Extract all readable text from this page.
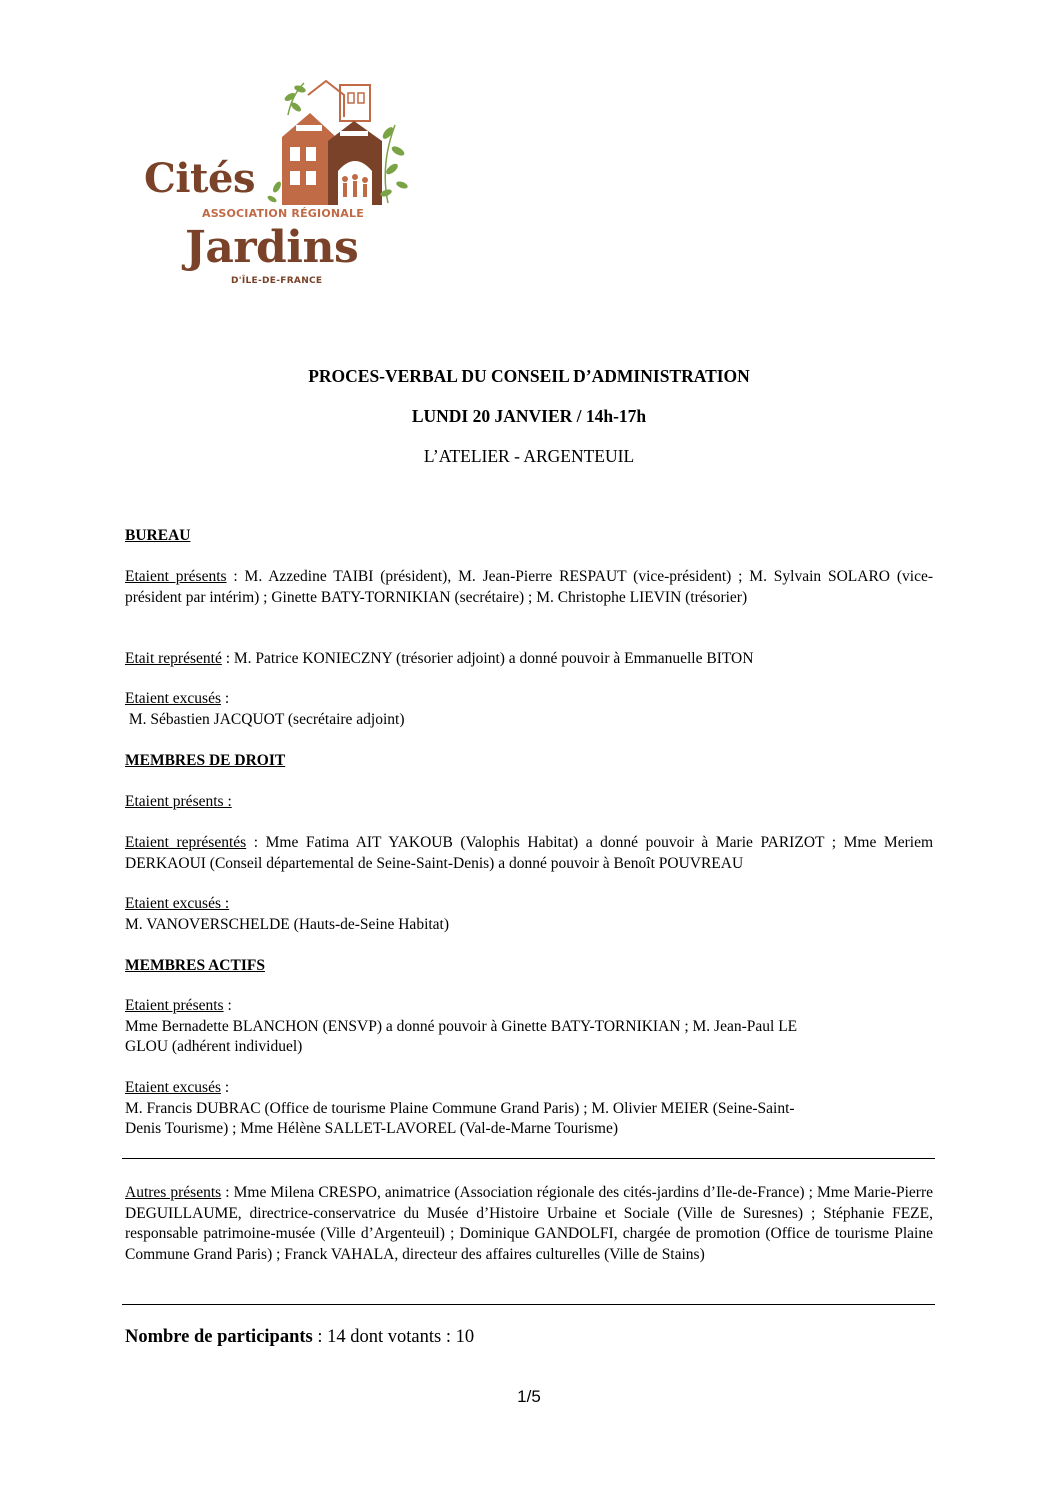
Cités
ASSOCIATION RÉGIONALE
Jardins
D'ÎLE-DE-FRANCE
PROCES-VERBAL DU CONSEIL D’ADMINISTRATION
LUNDI 20 JANVIER / 14h-17h
L’ATELIER - ARGENTEUIL
BUREAU

Etaient présents : M. Azzedine TAIBI (président), M. Jean-Pierre RESPAUT (vice-président) ; M. Sylvain SOLARO (vice-président par intérim) ; Ginette BATY-TORNIKIAN (secrétaire) ; M. Christophe LIEVIN (trésorier)

Etait représenté : M. Patrice KONIECZNY (trésorier adjoint) a donné pouvoir à Emmanuelle BITON

Etaient excusés :

M. Sébastien JACQUOT (secrétaire adjoint)

MEMBRES DE DROIT
Etaient présents :

Etaient représentés : Mme Fatima AIT YAKOUB (Valophis Habitat) a donné pouvoir à Marie PARIZOT ; Mme Meriem DERKAOUI (Conseil départemental de Seine-Saint-Denis) a donné pouvoir à Benoît POUVREAU

Etaient excusés :

M. VANOVERSCHELDE (Hauts-de-Seine Habitat)

MEMBRES ACTIFS

Etaient présents :

Mme Bernadette BLANCHON (ENSVP) a donné pouvoir à Ginette BATY-TORNIKIAN ; M. Jean-Paul LE

GLOU (adhérent individuel)

Etaient excusés :

M. Francis DUBRAC (Office de tourisme Plaine Commune Grand Paris) ; M. Olivier MEIER (Seine-Saint-

Denis Tourisme) ; Mme Hélène SALLET-LAVOREL (Val-de-Marne Tourisme)

Autres présents : Mme Milena CRESPO, animatrice (Association régionale des cités-jardins d’Ile-de-France) ; Mme Marie-Pierre DEGUILLAUME, directrice-conservatrice du Musée d’Histoire Urbaine et Sociale (Ville de Suresnes) ; Stéphanie FEZE, responsable patrimoine-musée (Ville d’Argenteuil) ; Dominique GANDOLFI, chargée de promotion (Office de tourisme Plaine Commune Grand Paris) ; Franck VAHALA, directeur des affaires culturelles (Ville de Stains)

Nombre de participants : 14 dont votants : 10
1/5
